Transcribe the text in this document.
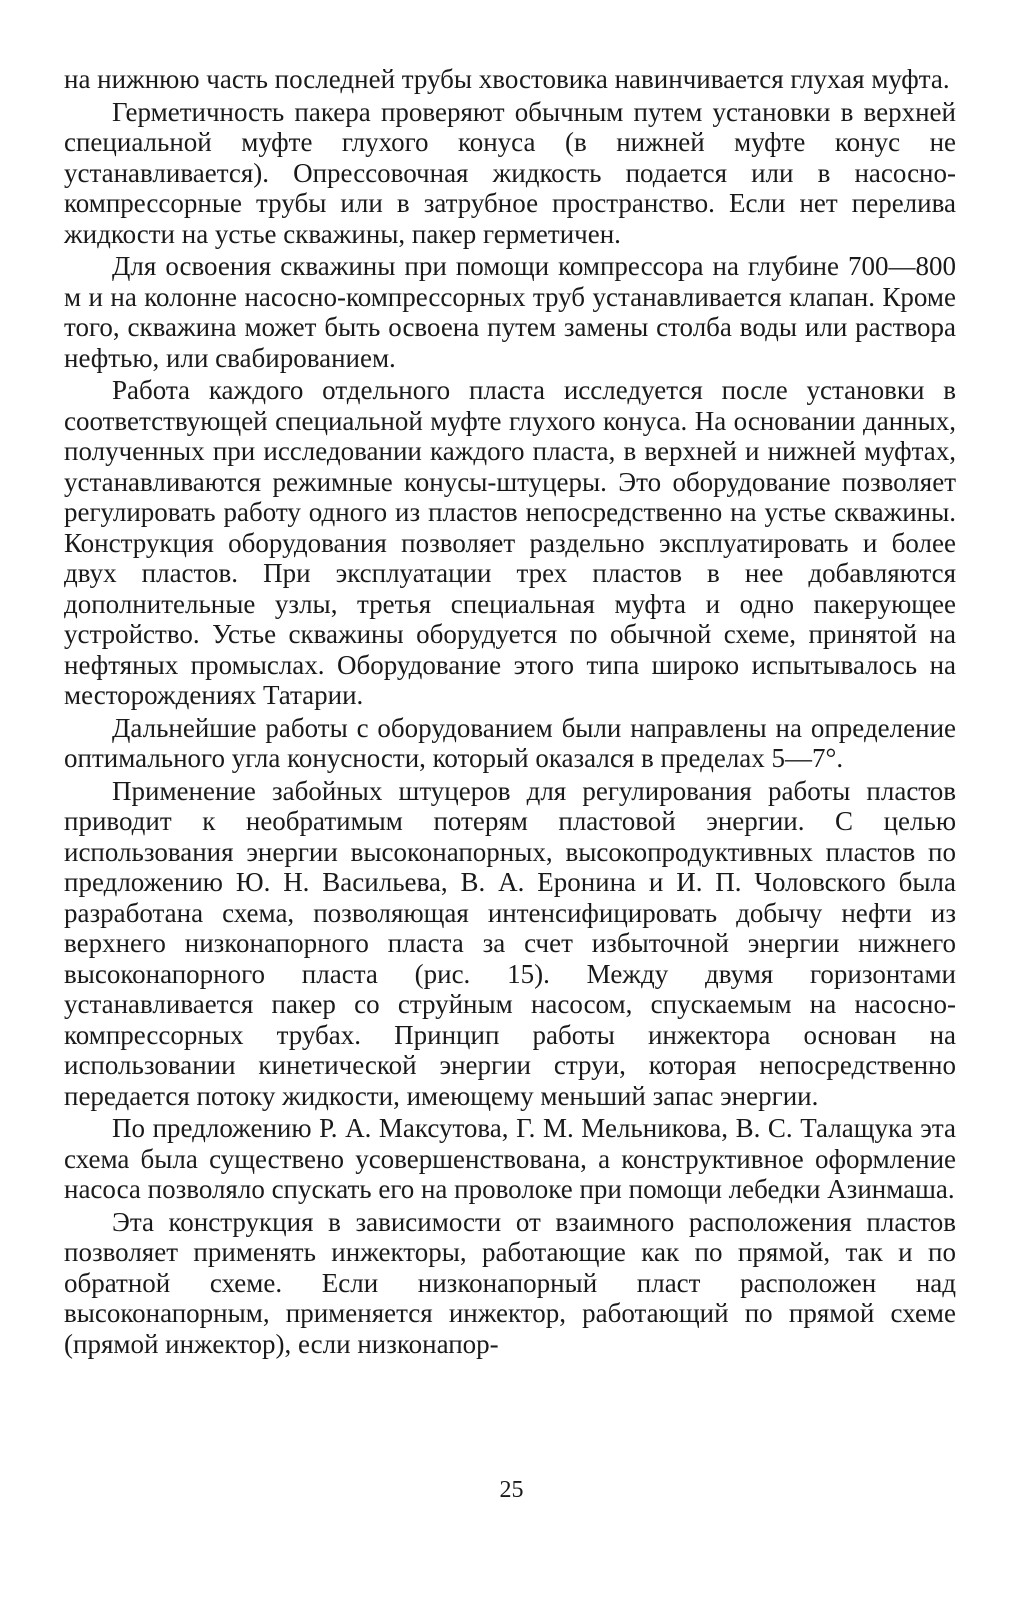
на нижнюю часть последней трубы хвостовика навинчивается глухая муфта.

Герметичность пакера проверяют обычным путем установки в верхней специальной муфте глухого конуса (в нижней муфте конус не устанавливается). Опрессовочная жидкость подается или в насосно-компрессорные трубы или в затрубное пространство. Если нет перелива жидкости на устье скважины, пакер герметичен.

Для освоения скважины при помощи компрессора на глубине 700—800 м и на колонне насосно-компрессорных труб устанавливается клапан. Кроме того, скважина может быть освоена путем замены столба воды или раствора нефтью, или свабированием.

Работа каждого отдельного пласта исследуется после установки в соответствующей специальной муфте глухого конуса. На основании данных, полученных при исследовании каждого пласта, в верхней и нижней муфтах, устанавливаются режимные конусы-штуцеры. Это оборудование позволяет регулировать работу одного из пластов непосредственно на устье скважины. Конструкция оборудования позволяет раздельно эксплуатировать и более двух пластов. При эксплуатации трех пластов в нее добавляются дополнительные узлы, третья специальная муфта и одно пакерующее устройство. Устье скважины оборудуется по обычной схеме, принятой на нефтяных промыслах. Оборудование этого типа широко испытывалось на месторождениях Татарии.

Дальнейшие работы с оборудованием были направлены на определение оптимального угла конусности, который оказался в пределах 5—7°.

Применение забойных штуцеров для регулирования работы пластов приводит к необратимым потерям пластовой энергии. С целью использования энергии высоконапорных, высокопродуктивных пластов по предложению Ю. Н. Васильева, В. А. Еронина и И. П. Чоловского была разработана схема, позволяющая интенсифицировать добычу нефти из верхнего низконапорного пласта за счет избыточной энергии нижнего высоконапорного пласта (рис. 15). Между двумя горизонтами устанавливается пакер со струйным насосом, спускаемым на насосно-компрессорных трубах. Принцип работы инжектора основан на использовании кинетической энергии струи, которая непосредственно передается потоку жидкости, имеющему меньший запас энергии.

По предложению Р. А. Максутова, Г. М. Мельникова, В. С. Талащука эта схема была существено усовершенствована, а конструктивное оформление насоса позволяло спускать его на проволоке при помощи лебедки Азинмаша.

Эта конструкция в зависимости от взаимного расположения пластов позволяет применять инжекторы, работающие как по прямой, так и по обратной схеме. Если низконапорный пласт расположен над высоконапорным, применяется инжектор, работающий по прямой схеме (прямой инжектор), если низконапор-

25
